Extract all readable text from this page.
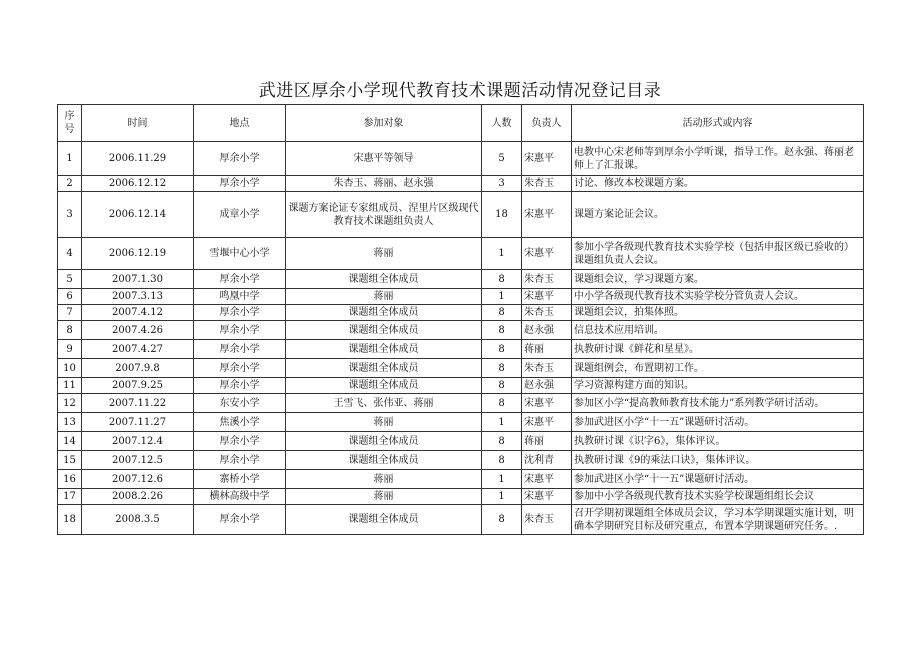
武进区厚余小学现代教育技术课题活动情况登记目录
序号	时间	地点	参加对象	人数	负责人	活动形式或内容
1	2006.11.29	厚余小学	宋惠平等领导	5	宋惠平	电教中心宋老师等到厚余小学听课，指导工作。赵永强、蒋丽老师上了汇报课。
2	2006.12.12	厚余小学	朱杏玉、蒋丽、赵永强	3	朱杏玉	讨论、修改本校课题方案。
3	2006.12.14	成章小学	课题方案论证专家组成员、涅里片区级现代教育技术课题组负责人	18	宋惠平	课题方案论证会议。
4	2006.12.19	雪堰中心小学	蒋丽	1	宋惠平	参加小学各级现代教育技术实验学校（包括申报区级已验收的）课题组负责人会议。
5	2007.1.30	厚余小学	课题组全体成员	8	朱杏玉	课题组会议，学习课题方案。
6	2007.3.13	鸣凰中学	蒋丽	1	宋惠平	中小学各级现代教育技术实验学校分管负责人会议。
7	2007.4.12	厚余小学	课题组全体成员	8	朱杏玉	课题组会议，拍集体照。
8	2007.4.26	厚余小学	课题组全体成员	8	赵永强	信息技术应用培训。
9	2007.4.27	厚余小学	课题组全体成员	8	蒋丽	执教研讨课《鲜花和星星》。
10	2007.9.8	厚余小学	课题组全体成员	8	朱杏玉	课题组例会，布置期初工作。
11	2007.9.25	厚余小学	课题组全体成员	8	赵永强	学习资源构建方面的知识。
12	2007.11.22	东安小学	王雪飞、张伟亚、蒋丽	8	宋惠平	参加区小学“提高教师教育技术能力”系列教学研讨活动。
13	2007.11.27	焦溪小学	蒋丽	1	宋惠平	参加武进区小学“十一五”课题研讨活动。
14	2007.12.4	厚余小学	课题组全体成员	8	蒋丽	执教研讨课《识字6》，集体评议。
15	2007.12.5	厚余小学	课题组全体成员	8	沈利青	执教研讨课《9的乘法口诀》，集体评议。
16	2007.12.6	寨桥小学	蒋丽	1	宋惠平	参加武进区小学“十一五”课题研讨活动。
17	2008.2.26	横林高级中学	蒋丽	1	宋惠平	参加中小学各级现代教育技术实验学校课题组组长会议
18	2008.3.5	厚余小学	课题组全体成员	8	朱杏玉	召开学期初课题组全体成员会议，学习本学期课题实施计划，明确本学期研究目标及研究重点，布置本学期课题研究任务。.
